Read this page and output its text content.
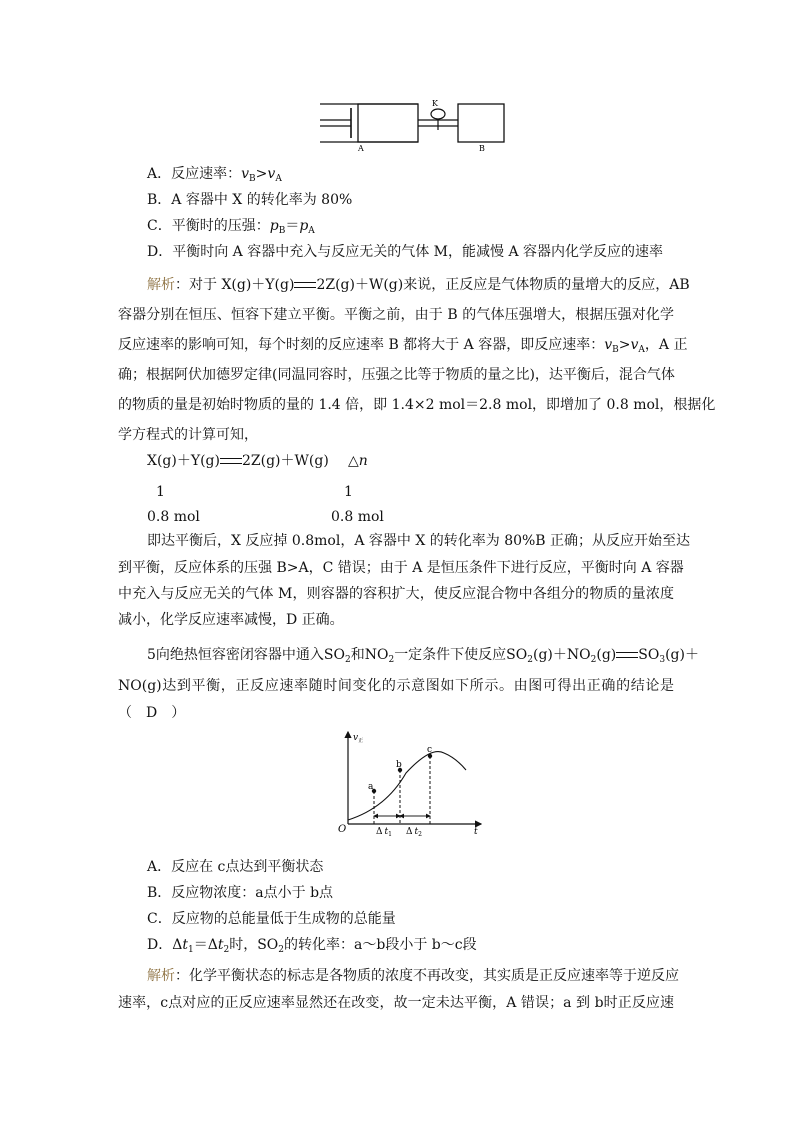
K
A	B
A．反应速率：$v_B>v_A$
B．A 容器中 X 的转化率为 80%
C．平衡时的压强：$p_B=p_A$
D．平衡时向 A 容器中充入与反应无关的气体 M，能减慢 A 容器内化学反应的速率
解析：对于 X(g)＋Y(g) 2Z(g)＋W(g)来说，正反应是气体物质的量增大的反应，AB
容器分别在恒压、恒容下建立平衡。平衡之前，由于 B 的气体压强增大，根据压强对化学
反应速率的影响可知，每个时刻的反应速率 B 都将大于 A 容器，即反应速率：$v_B>v_A$，A 正
确；根据阿伏加德罗定律(同温同容时，压强之比等于物质的量之比)，达平衡后，混合气体
的物质的量是初始时物质的量的 1.4 倍，即 1.4×2 mol＝2.8 mol，即增加了 0.8 mol，根据化
学方程式的计算可知，
X(g)＋Y(g) 2Z(g)＋W(g) △n
1	1
0.8 mol	0.8 mol
即达平衡后，X 反应掉 0.8mol，A 容器中 X 的转化率为 80%B 正确；从反应开始至达
到平衡，反应体系的压强 B>A，C 错误；由于 A 是恒压条件下进行反应，平衡时向 A 容器
中充入与反应无关的气体 M，则容器的容积扩大，使反应混合物中各组分的物质的量浓度
减小，化学反应速率减慢，D 正确。
5向绝热恒容密闭容器中通入$SO_2$和$NO_2$一定条件下使反应$SO_2(g)+NO_2(g)$ $SO_3(g)+$
NO(g)达到平衡，正反应速率随时间变化的示意图如下所示。由图可得出正确的结论是
（　D　）
a
b
c
Δ $t_1$ Δ $t_2$
O	t
$v_正$
A．反应在 c点达到平衡状态
B．反应物浓度：a点小于 b点
C．反应物的总能量低于生成物的总能量
D．$\Delta t_1=\Delta t_2$时，$SO_2$的转化率：a～b段小于 b～c段
解析：化学平衡状态的标志是各物质的浓度不再改变，其实质是正反应速率等于逆反应
速率，c点对应的正反应速率显然还在改变，故一定未达平衡，A 错误；a 到 b时正反应速
